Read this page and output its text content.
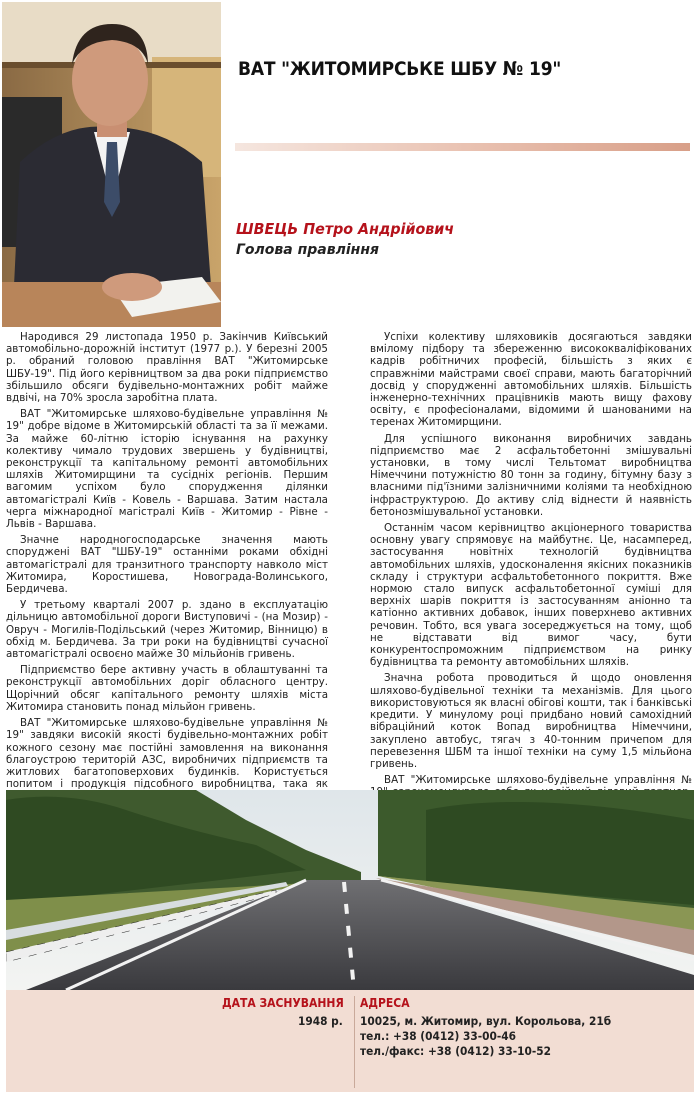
ВАТ "ЖИТОМИРСЬКЕ ШБУ № 19"
ШВЕЦЬ Петро Андрійович
Голова правління

Народився 29 листопада 1950 р. Закінчив Київський автомобільно-дорожній інститут (1977 р.). У березні 2005 р. обраний головою правління ВАТ "Житомирське ШБУ-19". Під його керівництвом за два роки підприємство збільшило обсяги будівельно-монтажних робіт майже вдвічі, на 70% зросла заробітна плата.

ВАТ "Житомирське шляхово-будівельне управління № 19" добре відоме в Житомирській області та за її межами. За майже 60-літню історію існування на рахунку колективу чимало трудових звершень у будівництві, реконструкції та капітальному ремонті автомобільних шляхів Житомирщини та сусідніх регіонів. Першим вагомим успіхом було спорудження ділянки автомагістралі Київ - Ковель - Варшава. Затим настала черга міжнародної магістралі Київ - Житомир - Рівне - Львів - Варшава.

Значне народногосподарське значення мають споруджені ВАТ "ШБУ-19" останніми роками обхідні автомагістралі для транзитного транспорту навколо міст Житомира, Коростишева, Новограда-Волинського, Бердичева.

У третьому кварталі 2007 р. здано в експлуатацію дільницю автомобільної дороги Виступовичі - (на Мозир) - Овруч - Могилів-Подільський (через Житомир, Вінницю) в обхід м. Бердичева. За три роки на будівництві сучасної автомагістралі освоєно майже 30 мільйонів гривень.

Підприємство бере активну участь в облаштуванні та реконструкції автомобільних доріг обласного центру. Щорічний обсяг капітального ремонту шляхів міста Житомира становить понад мільйон гривень.

ВАТ "Житомирське шляхово-будівельне управління № 19" завдяки високій якості будівельно-монтажних робіт кожного сезону має постійні замовлення на виконання благоустрою територій АЗС, виробничих підприємств та житлових багатоповерхових будинків. Користується попитом і продукція підсобного виробництва, така як

Успіхи колективу шляховиків досягаються завдяки вмілому підбору та збереженню висококваліфікованих кадрів робітничих професій, більшість з яких є справжніми майстрами своєї справи, мають багаторічний досвід у спорудженні автомобільних шляхів. Більшість інженерно-технічних працівників мають вищу фахову освіту, є професіоналами, відомими й шанованими на теренах Житомирщини.

Для успішного виконання виробничих завдань підприємство має 2 асфальтобетонні змішувальні установки, в тому числі Тельтомат виробництва Німеччини потужністю 80 тонн за годину, бітумну базу з власними під'їзними залізничними коліями та необхідною інфраструктурою. До активу слід віднести й наявність бетонозмішувальної установки.

Останнім часом керівництво акціонерного товариства основну увагу спрямовує на майбутнє. Це, насамперед, застосування новітніх технологій будівництва автомобільних шляхів, удосконалення якісних показників складу і структури асфальтобетонного покриття. Вже нормою стало випуск асфальтобетонної суміші для верхніх шарів покриття із застосуванням аніонно та катіонно активних добавок, інших поверхнево активних речовин. Тобто, вся увага зосереджується на тому, щоб не відставати від вимог часу, бути конкурентоспроможним підприємством на ринку будівництва та ремонту автомобільних шляхів.

Значна робота проводиться й щодо оновлення шляхово-будівельної техніки та механізмів. Для цього використовуються як власні обігові кошти, так і банківські кредити. У минулому році придбано новий самохідний вібраційний коток Вопад виробництва Німеччини, закуплено автобус, тягач з 40-тонним причепом для перевезення ШБМ та іншої техніки на суму 1,5 мільйона гривень.

ВАТ "Житомирське шляхово-будівельне управління №

ДАТА ЗАСНУВАННЯ
1948 р.
АДРЕСА
10025, м. Житомир, вул. Корольова, 21б
тел.: +38 (0412) 33-00-46
тел./факс: +38 (0412) 33-10-52
